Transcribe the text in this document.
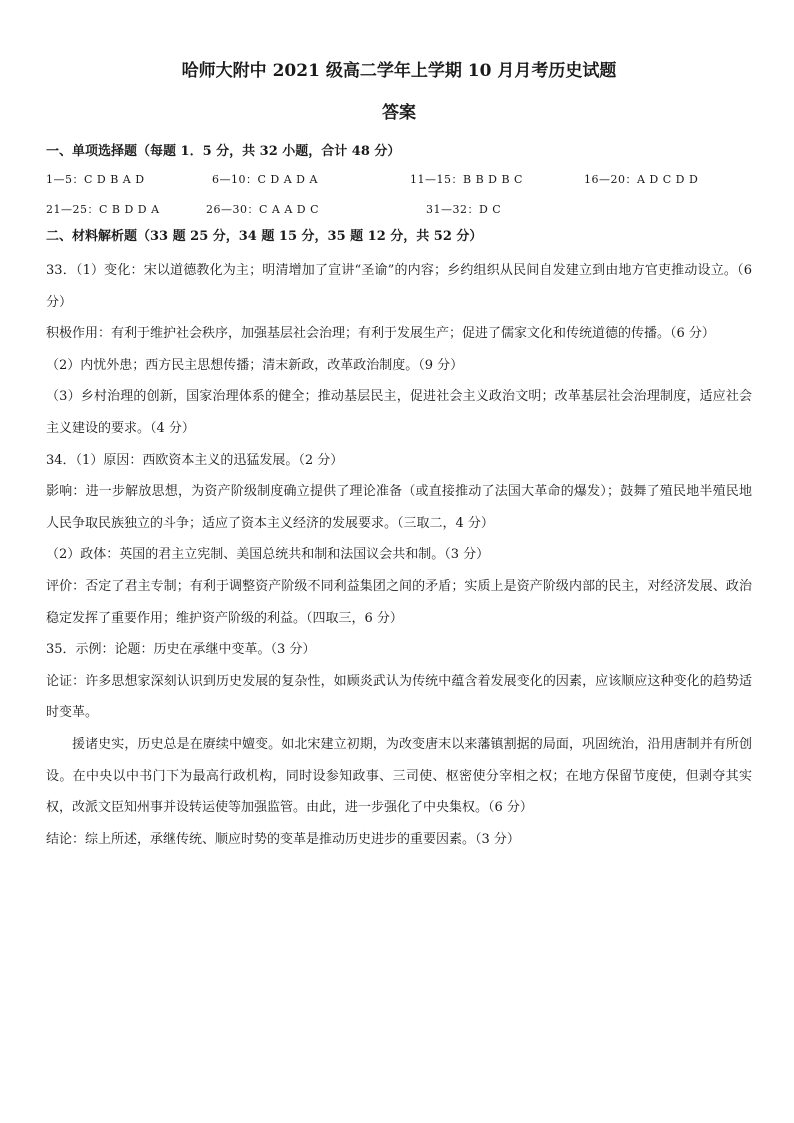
哈师大附中 2021 级高二学年上学期 10 月月考历史试题
答案
一、单项选择题（每题 1．5 分，共 32 小题，合计 48 分）
1—5：C D B A D	6—10：C D A D A	11—15：B B D B C	16—20：A D C D D
21—25：C B D D A	26—30：C A A D C	31—32：D C
二、材料解析题（33 题 25 分，34 题 15 分，35 题 12 分，共 52 分）

33．（1）变化：宋以道德教化为主；明清增加了宣讲“圣谕”的内容；乡约组织从民间自发建立到由地方官吏推动设立。（6 分）

积极作用：有利于维护社会秩序，加强基层社会治理；有利于发展生产；促进了儒家文化和传统道德的传播。（6 分）

（2）内忧外患；西方民主思想传播；清末新政，改革政治制度。（9 分）

（3）乡村治理的创新，国家治理体系的健全；推动基层民主，促进社会主义政治文明；改革基层社会治理制度，适应社会主义建设的要求。（4 分）

34．（1）原因：西欧资本主义的迅猛发展。（2 分）

影响：进一步解放思想，为资产阶级制度确立提供了理论准备（或直接推动了法国大革命的爆发）；鼓舞了殖民地半殖民地人民争取民族独立的斗争；适应了资本主义经济的发展要求。（三取二，4 分）

（2）政体：英国的君主立宪制、美国总统共和制和法国议会共和制。（3 分）

评价：否定了君主专制；有利于调整资产阶级不同利益集团之间的矛盾；实质上是资产阶级内部的民主，对经济发展、政治稳定发挥了重要作用；维护资产阶级的利益。（四取三，6 分）

35．示例：论题：历史在承继中变革。（3 分）

论证：许多思想家深刻认识到历史发展的复杂性，如顾炎武认为传统中蕴含着发展变化的因素，应该顺应这种变化的趋势适时变革。

援诸史实，历史总是在赓续中嬗变。如北宋建立初期，为改变唐末以来藩镇割据的局面，巩固统治，沿用唐制并有所创设。在中央以中书门下为最高行政机构，同时设参知政事、三司使、枢密使分宰相之权；在地方保留节度使，但剥夺其实权，改派文臣知州事并设转运使等加强监管。由此，进一步强化了中央集权。（6 分）

结论：综上所述，承继传统、顺应时势的变革是推动历史进步的重要因素。（3 分）
